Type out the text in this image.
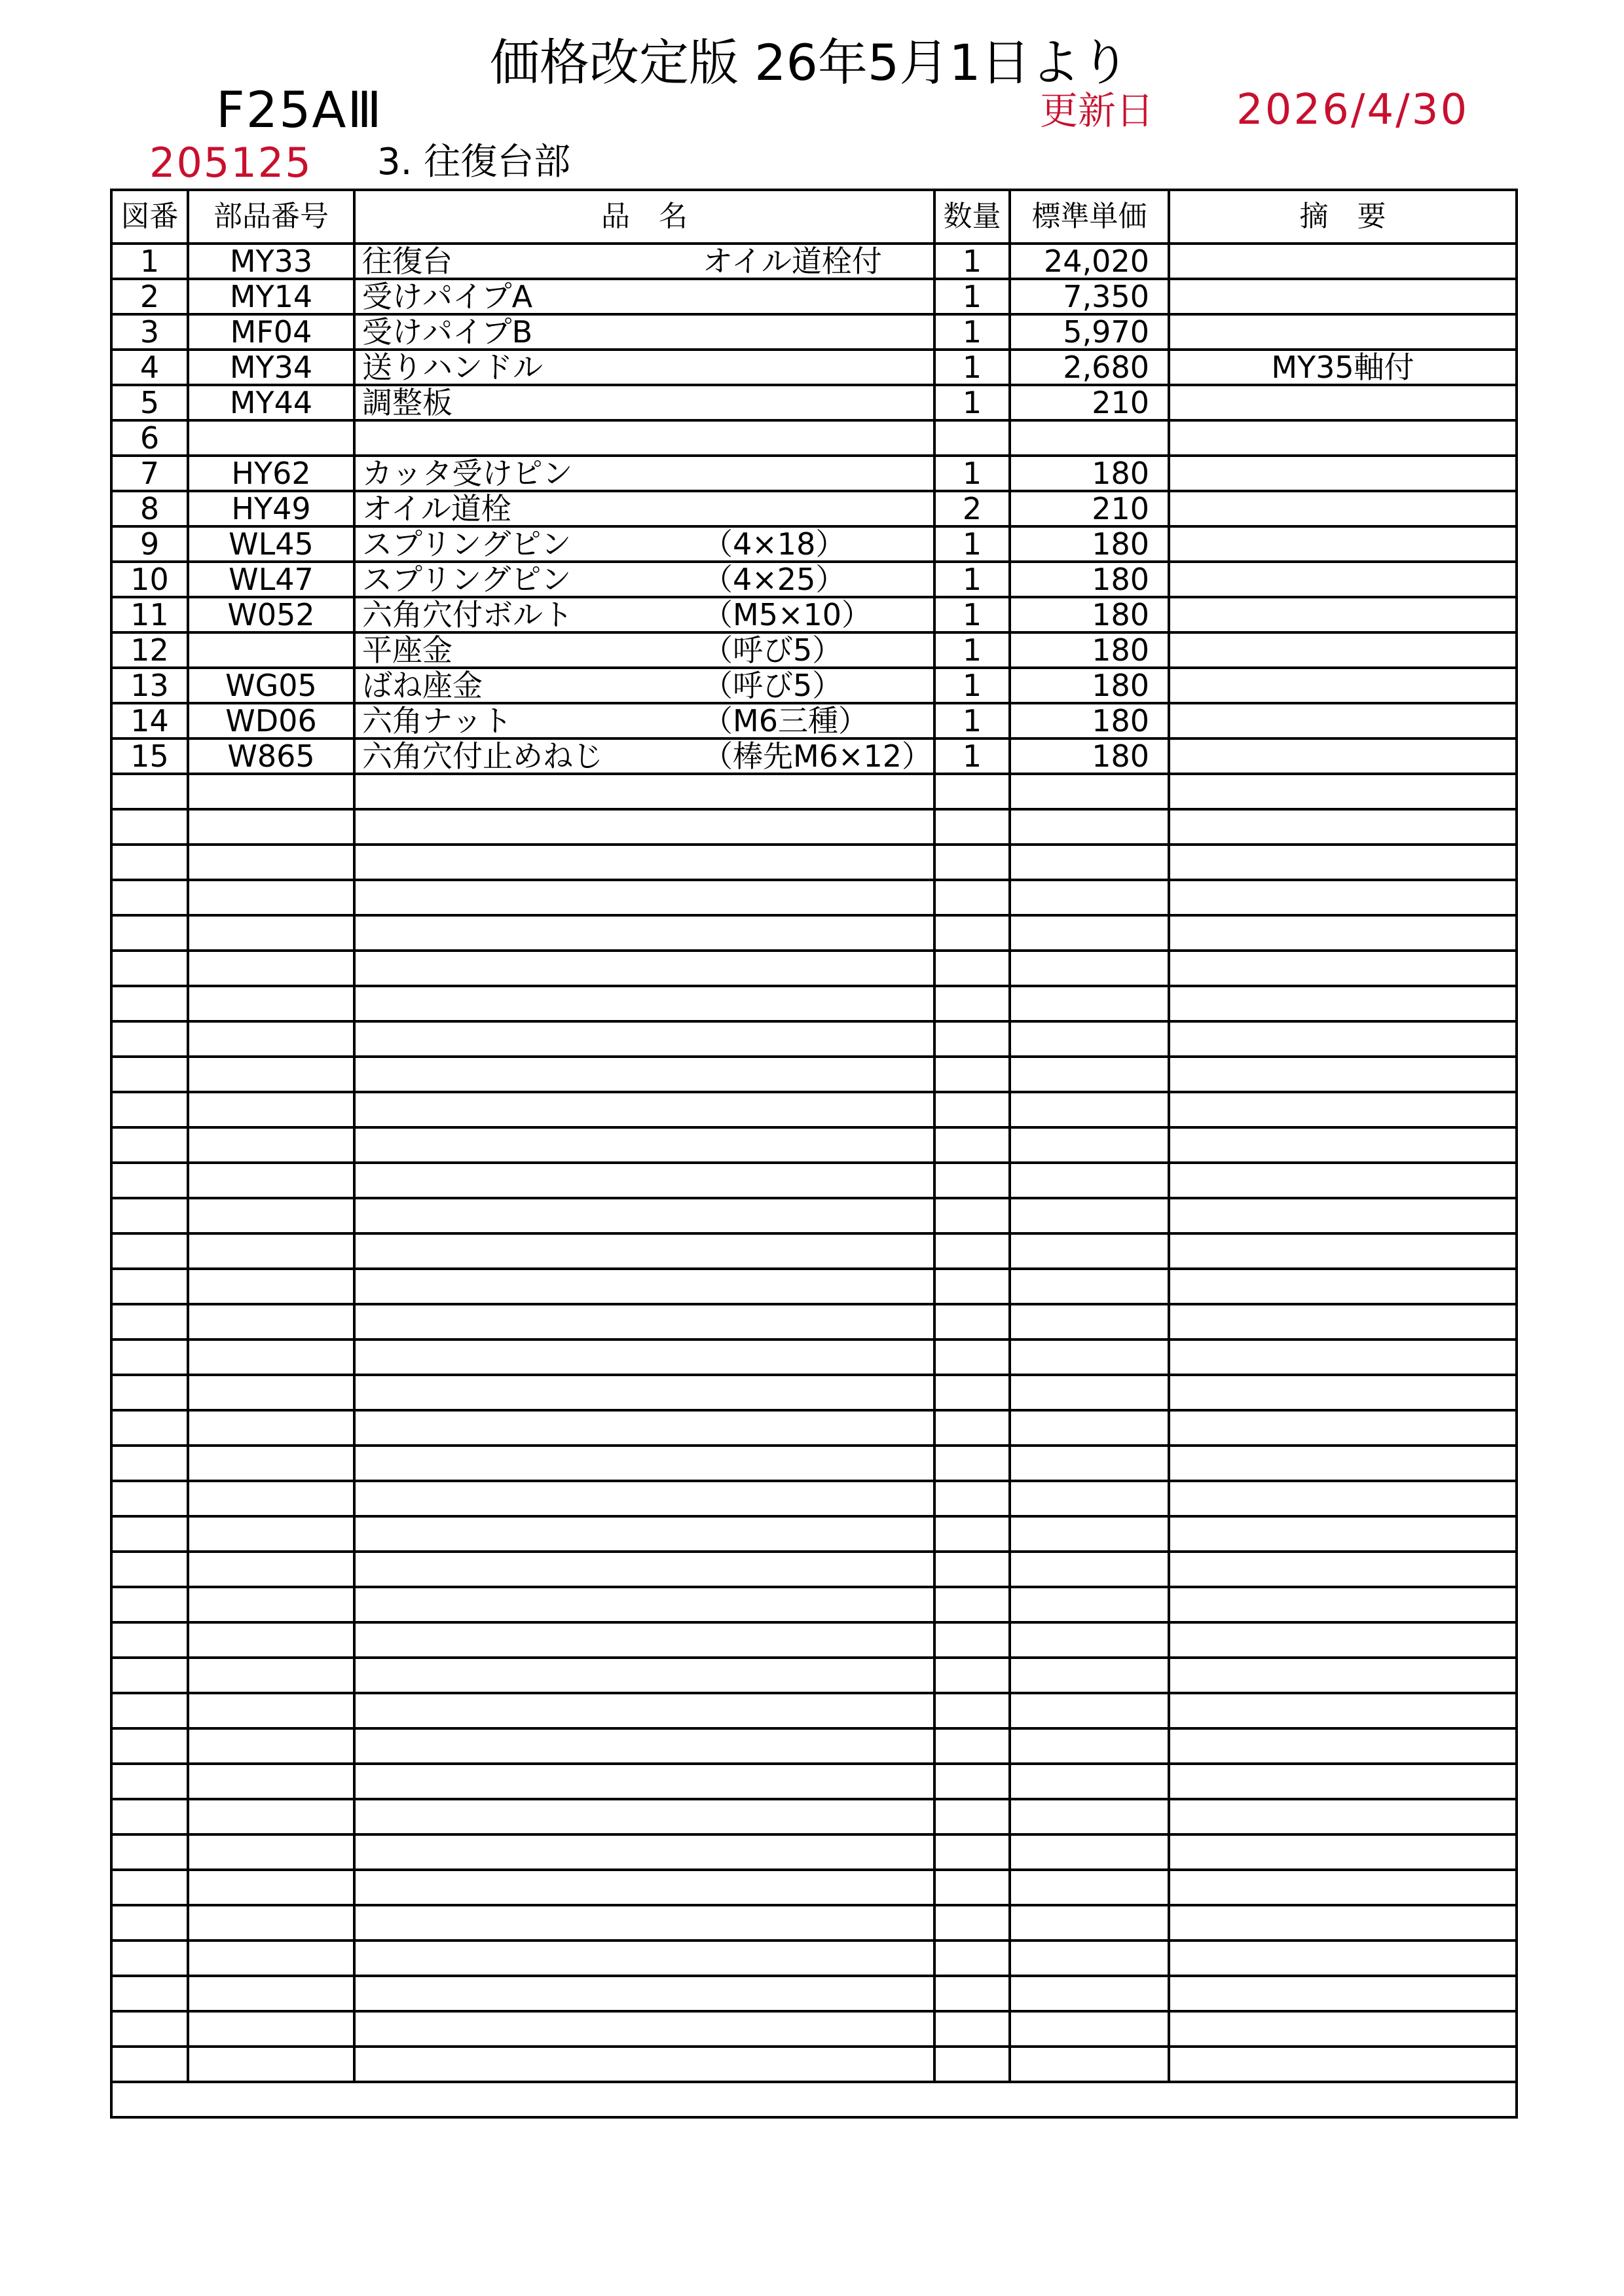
価格改定版 26年5月1日より
F25AⅢ	更新日 2026/4/30
205125 3. 往復台部
図番	部品番号	品　名	数量	標準単価	摘　要
1	MY33	往復台 オイル道栓付	1	24,020	
2	MY14	受けパイプA	1	7,350	
3	MF04	受けパイプB	1	5,970	
4	MY34	送りハンドル	1	2,680	MY35軸付
5	MY44	調整板	1	210	
6		

7	HY62	カッタ受けピン	1	180	
8	HY49	オイル道栓	2	210	
9	WL45	スプリングピン （4×18）	1	180	
10	WL47	スプリングピン （4×25）	1	180	
11	W052	六角穴付ボルト （M5×10）	1	180	
12		平座金 （呼び5）	1	180	
13	WG05	ばね座金 （呼び5）	1	180	
14	WD06	六角ナット （M6三種）	1	180	
15	W865	六角穴付止めねじ （棒先M6×12）	1	180	
